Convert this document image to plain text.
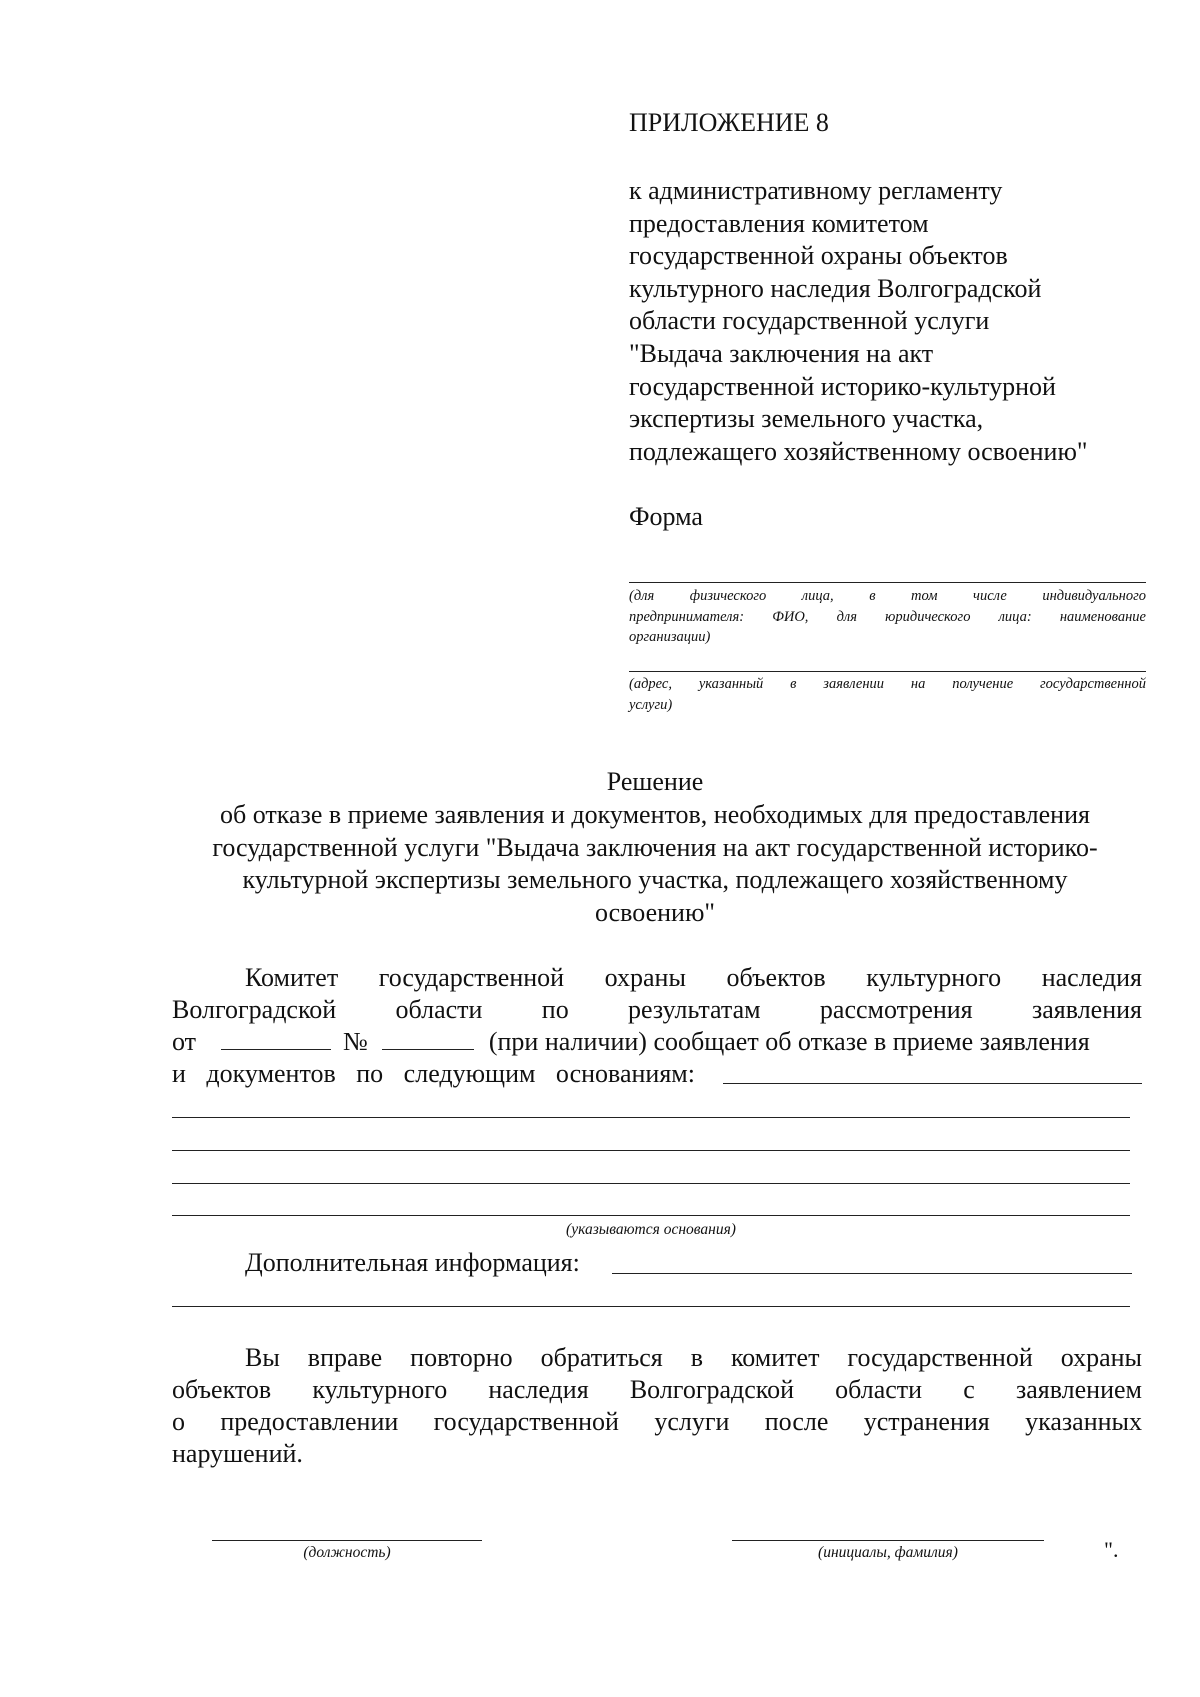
ПРИЛОЖЕНИЕ 8
к административному регламенту
предоставления комитетом
государственной охраны объектов
культурного наследия Волгоградской
области государственной услуги
"Выдача заключения на акт
государственной историко-культурной
экспертизы земельного участка,
подлежащего хозяйственному освоению"
Форма
(для физического лица, в том числе индивидуального
предпринимателя: ФИО, для юридического лица: наименование
организации)
(адрес, указанный в заявлении на получение государственной
услуги)
Решение
об отказе в приеме заявления и документов, необходимых для предоставления
государственной услуги "Выдача заключения на акт государственной историко-
культурной экспертизы земельного участка, подлежащего хозяйственному
освоению"
Комитет государственной охраны объектов культурного наследия
Волгоградской области по результатам рассмотрения заявления
от	№	(при наличии) сообщает об отказе в приеме заявления
и документов по следующим основаниям:
(указываются основания)
Дополнительная информация:
Вы вправе повторно обратиться в комитет государственной охраны
объектов культурного наследия Волгоградской области с заявлением
о предоставлении государственной услуги после устранения указанных
нарушений.
(должность)	(инициалы, фамилия)	".
